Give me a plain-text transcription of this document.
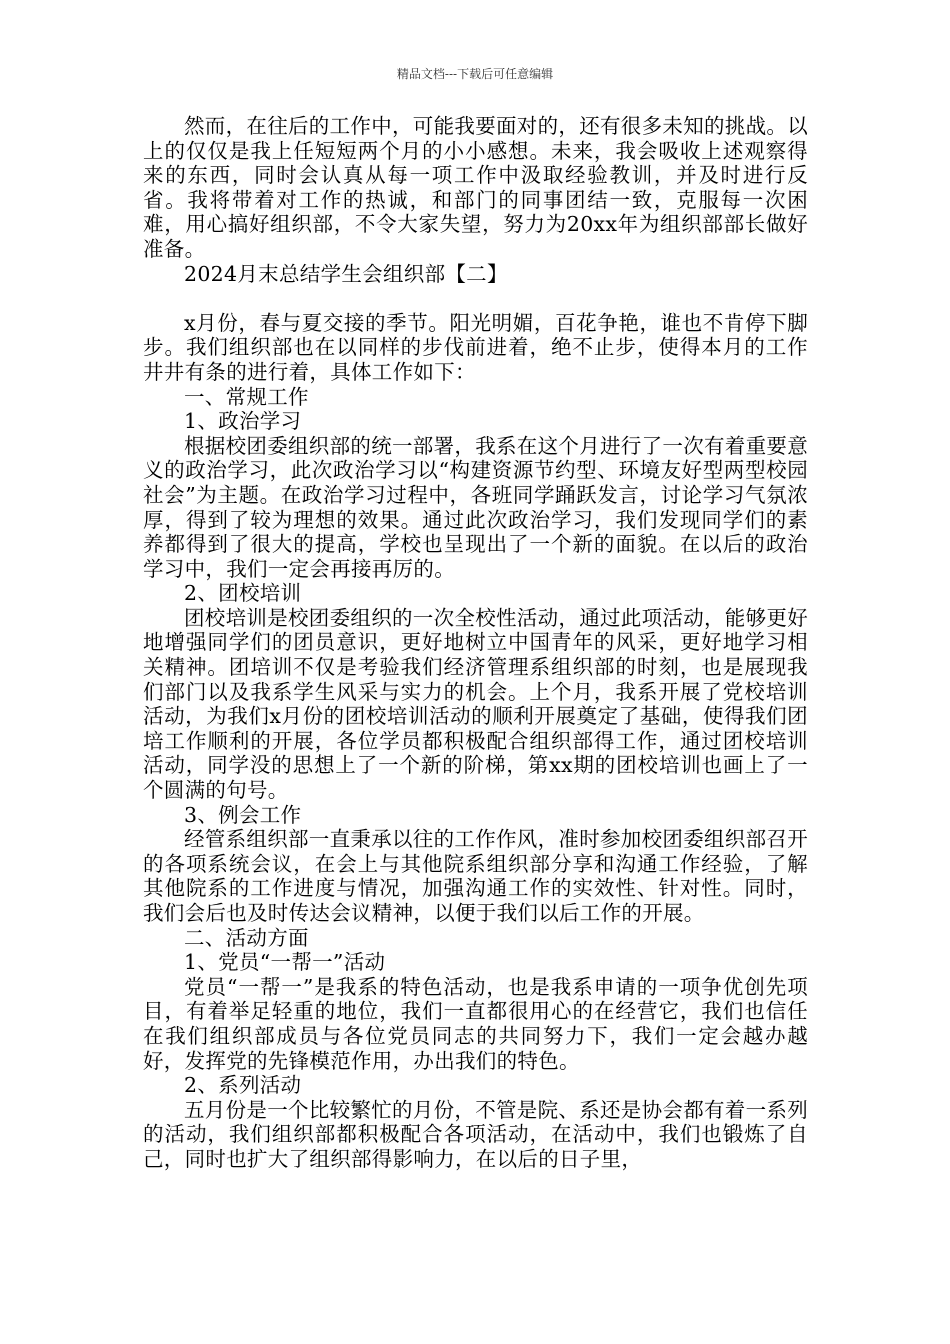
精品文档---下载后可任意编辑

然而，在往后的工作中，可能我要面对的，还有很多未知的挑战。以上的仅仅是我上任短短两个月的小小感想。未来，我会吸收上述观察得来的东西，同时会认真从每一项工作中汲取经验教训，并及时进行反省。我将带着对工作的热诚，和部门的同事团结一致，克服每一次困难，用心搞好组织部，不令大家失望，努力为20xx年为组织部部长做好准备。

2024月末总结学生会组织部【二】

x月份，春与夏交接的季节。阳光明媚，百花争艳，谁也不肯停下脚步。我们组织部也在以同样的步伐前进着，绝不止步，使得本月的工作井井有条的进行着，具体工作如下：

一、常规工作

1、政治学习

根据校团委组织部的统一部署，我系在这个月进行了一次有着重要意义的政治学习，此次政治学习以“构建资源节约型、环境友好型两型校园社会”为主题。在政治学习过程中，各班同学踊跃发言，讨论学习气氛浓厚，得到了较为理想的效果。通过此次政治学习，我们发现同学们的素养都得到了很大的提高，学校也呈现出了一个新的面貌。在以后的政治学习中，我们一定会再接再厉的。

2、团校培训

团校培训是校团委组织的一次全校性活动，通过此项活动，能够更好地增强同学们的团员意识，更好地树立中国青年的风采，更好地学习相关精神。团培训不仅是考验我们经济管理系组织部的时刻，也是展现我们部门以及我系学生风采与实力的机会。上个月，我系开展了党校培训活动，为我们x月份的团校培训活动的顺利开展奠定了基础，使得我们团培工作顺利的开展，各位学员都积极配合组织部得工作，通过团校培训活动，同学没的思想上了一个新的阶梯，第xx期的团校培训也画上了一个圆满的句号。

3、例会工作

经管系组织部一直秉承以往的工作作风，准时参加校团委组织部召开的各项系统会议，在会上与其他院系组织部分享和沟通工作经验，了解其他院系的工作进度与情况，加强沟通工作的实效性、针对性。同时，我们会后也及时传达会议精神，以便于我们以后工作的开展。

二、活动方面

1、党员“一帮一”活动

党员“一帮一”是我系的特色活动，也是我系申请的一项争优创先项目，有着举足轻重的地位，我们一直都很用心的在经营它，我们也信任在我们组织部成员与各位党员同志的共同努力下，我们一定会越办越好，发挥党的先锋模范作用，办出我们的特色。

2、系列活动

五月份是一个比较繁忙的月份，不管是院、系还是协会都有着一系列的活动，我们组织部都积极配合各项活动，在活动中，我们也锻炼了自己，同时也扩大了组织部得影响力，在以后的日子里，
